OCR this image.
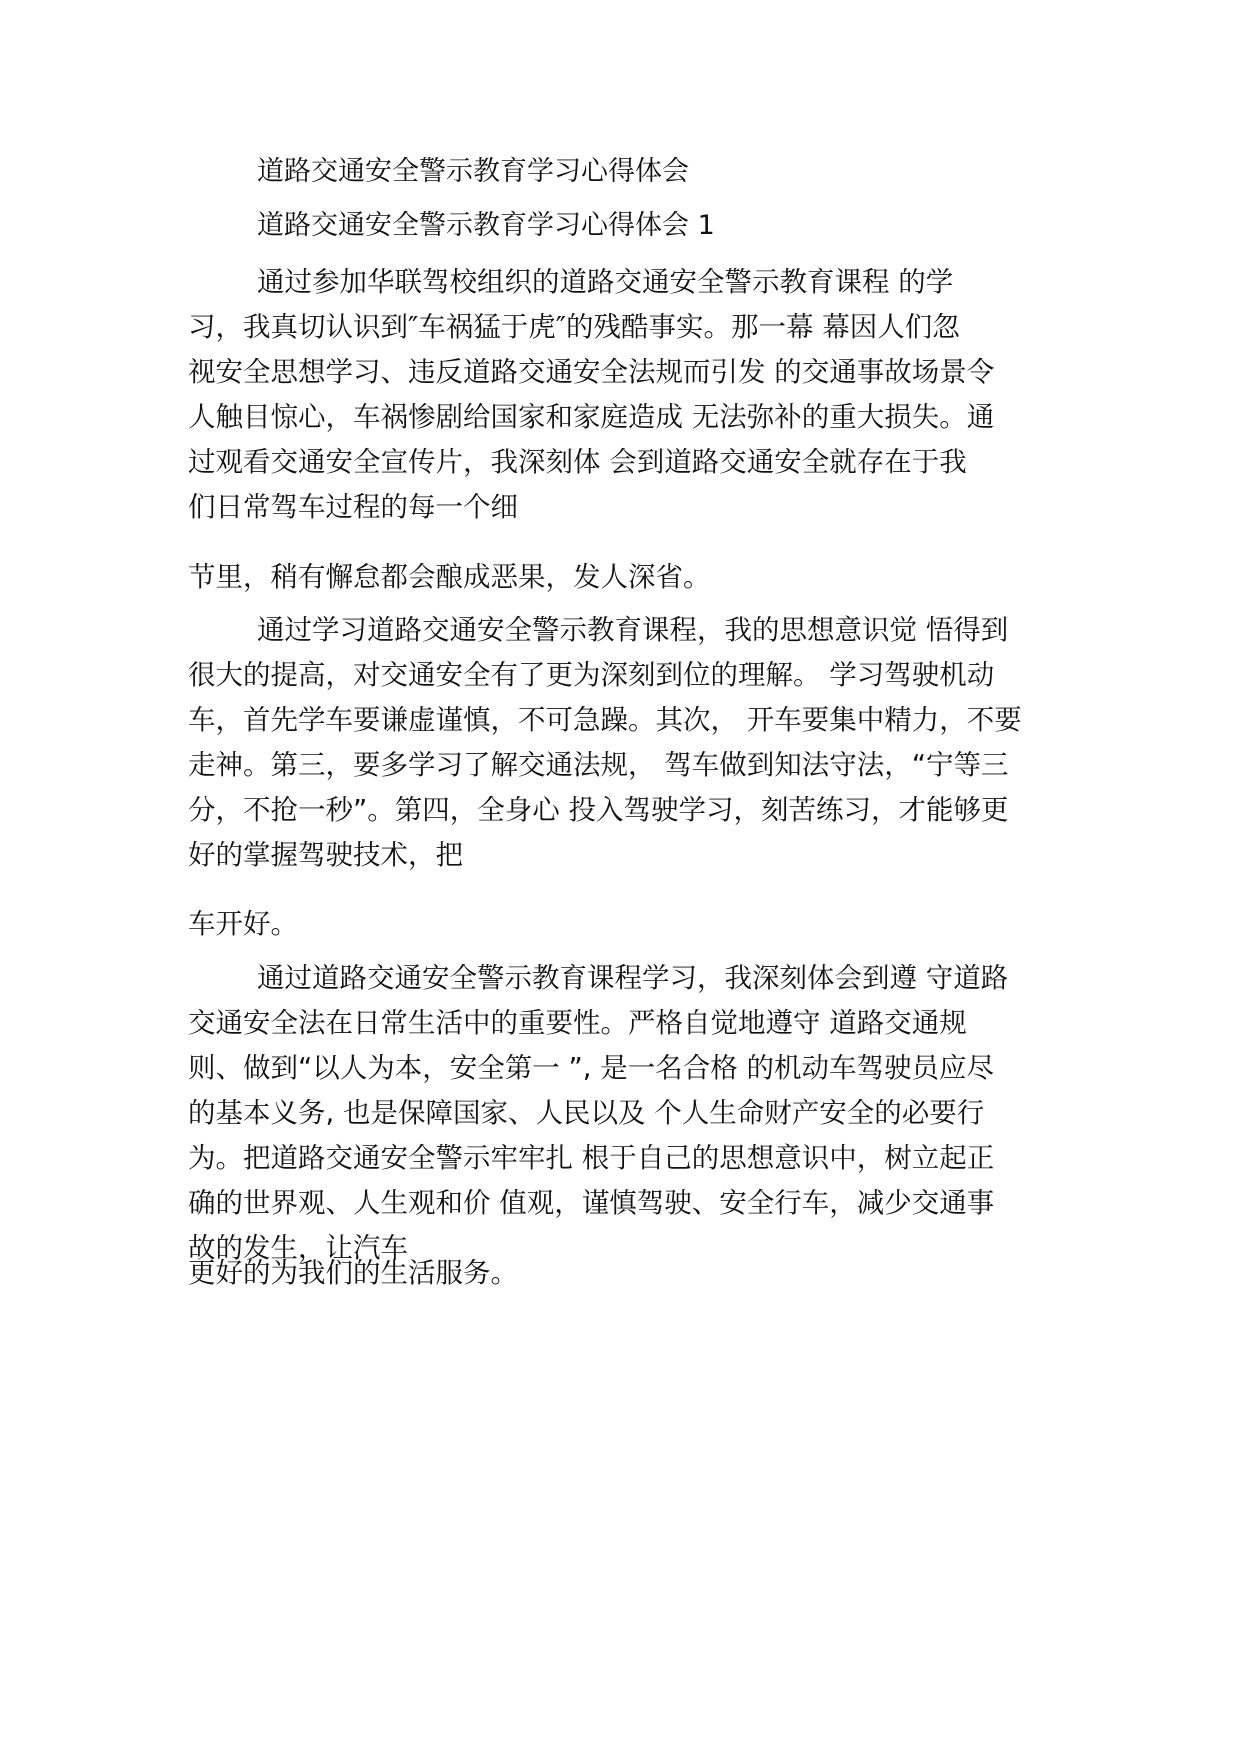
道路交通安全警示教育学习心得体会
道路交通安全警示教育学习心得体会 1
通过参加华联驾校组织的道路交通安全警示教育课程 的学
习，我真切认识到″车祸猛于虎″的残酷事实。那一幕 幕因人们忽
视安全思想学习、违反道路交通安全法规而引发 的交通事故场景令
人触目惊心，车祸惨剧给国家和家庭造成 无法弥补的重大损失。通
过观看交通安全宣传片，我深刻体 会到道路交通安全就存在于我
们日常驾车过程的每一个细
节里，稍有懈怠都会酿成恶果，发人深省。
通过学习道路交通安全警示教育课程，我的思想意识觉 悟得到
很大的提高，对交通安全有了更为深刻到位的理解。 学习驾驶机动
车，首先学车要谦虚谨慎，不可急躁。其次， 开车要集中精力，不要
走神。第三，要多学习了解交通法规， 驾车做到知法守法，“宁等三
分，不抢一秒”。第四，全身心 投入驾驶学习，刻苦练习，才能够更
好的掌握驾驶技术，把
车开好。
通过道路交通安全警示教育课程学习，我深刻体会到遵 守道路
交通安全法在日常生活中的重要性。严格自觉地遵守 道路交通规
则、做到“以人为本，安全第一 ”, 是一名合格 的机动车驾驶员应尽
的基本义务, 也是保障国家、人民以及 个人生命财产安全的必要行
为。把道路交通安全警示牢牢扎 根于自己的思想意识中，树立起正
确的世界观、人生观和价 值观，谨慎驾驶、安全行车，减少交通事
故的发生，让汽车
更好的为我们的生活服务。
